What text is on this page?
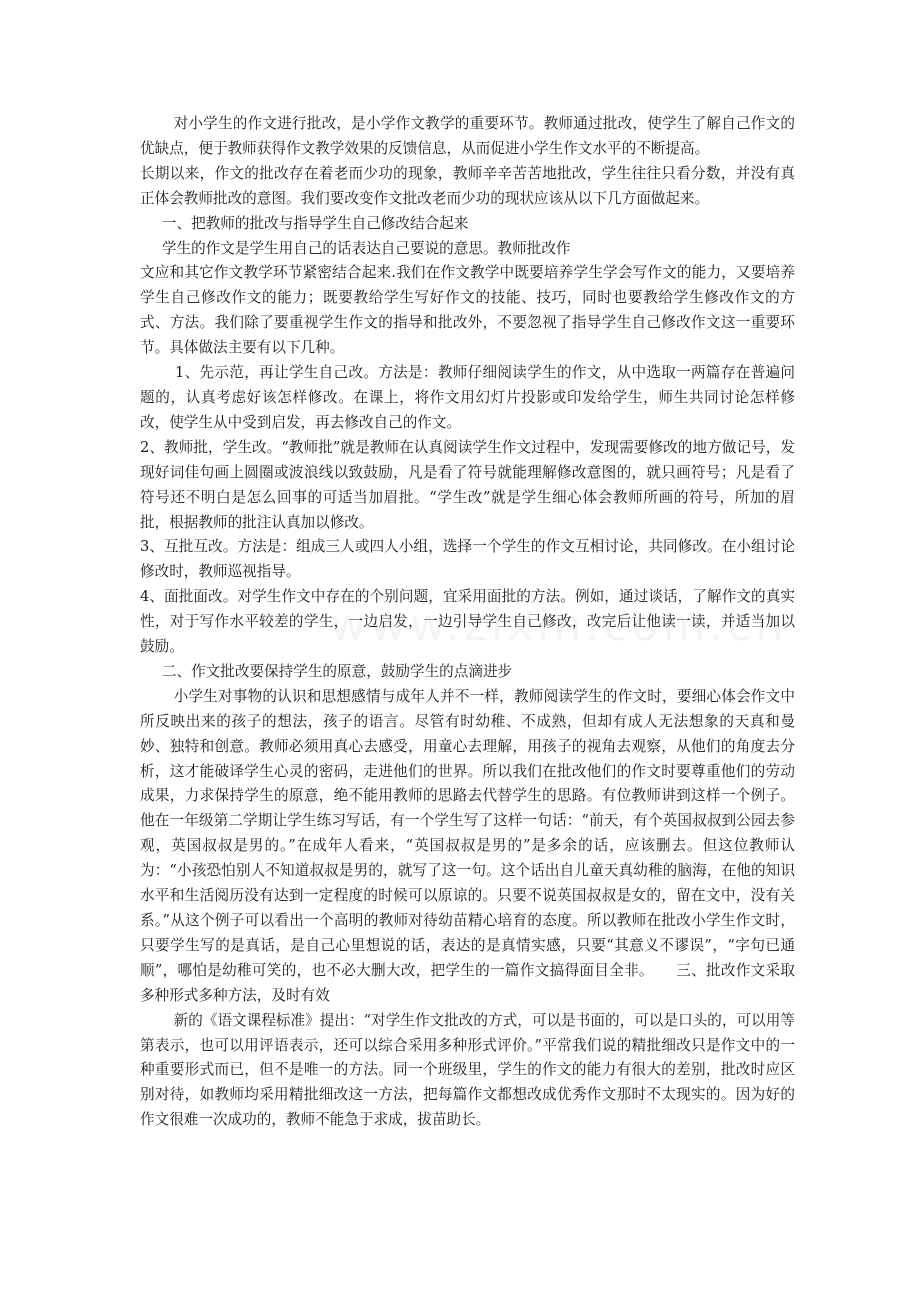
对小学生的作文进行批改，是小学作文教学的重要环节。教师通过批改，使学生了解自己作文的优缺点，便于教师获得作文教学效果的反馈信息，从而促进小学生作文水平的不断提高。

长期以来，作文的批改存在着老而少功的现象，教师辛辛苦苦地批改，学生往往只看分数，并没有真正体会教师批改的意图。我们要改变作文批改老而少功的现状应该从以下几方面做起来。

一、把教师的批改与指导学生自己修改结合起来

学生的作文是学生用自己的话表达自己要说的意思。教师批改作

文应和其它作文教学环节紧密结合起来.我们在作文教学中既要培养学生学会写作文的能力，又要培养学生自己修改作文的能力；既要教给学生写好作文的技能、技巧，同时也要教给学生修改作文的方式、方法。我们除了要重视学生作文的指导和批改外，不要忽视了指导学生自己修改作文这一重要环节。具体做法主要有以下几种。

1、先示范，再让学生自己改。方法是：教师仔细阅读学生的作文，从中选取一两篇存在普遍问题的，认真考虑好该怎样修改。在课上，将作文用幻灯片投影或印发给学生，师生共同讨论怎样修改，使学生从中受到启发，再去修改自己的作文。

2、教师批，学生改。“教师批”就是教师在认真阅读学生作文过程中，发现需要修改的地方做记号，发现好词佳句画上圆圈或波浪线以致鼓励，凡是看了符号就能理解修改意图的，就只画符号；凡是看了符号还不明白是怎么回事的可适当加眉批。“学生改”就是学生细心体会教师所画的符号，所加的眉批，根据教师的批注认真加以修改。

3、互批互改。方法是：组成三人或四人小组，选择一个学生的作文互相讨论，共同修改。在小组讨论修改时，教师巡视指导。

4、面批面改。对学生作文中存在的个别问题，宜采用面批的方法。例如，通过谈话，了解作文的真实性，对于写作水平较差的学生，一边启发，一边引导学生自己修改，改完后让他读一读，并适当加以鼓励。

二、作文批改要保持学生的原意，鼓励学生的点滴进步

小学生对事物的认识和思想感情与成年人并不一样，教师阅读学生的作文时，要细心体会作文中所反映出来的孩子的想法，孩子的语言。尽管有时幼稚、不成熟，但却有成人无法想象的天真和曼妙、独特和创意。教师必须用真心去感受，用童心去理解，用孩子的视角去观察，从他们的角度去分析，这才能破译学生心灵的密码，走进他们的世界。所以我们在批改他们的作文时要尊重他们的劳动成果，力求保持学生的原意，绝不能用教师的思路去代替学生的思路。有位教师讲到这样一个例子。他在一年级第二学期让学生练习写话，有一个学生写了这样一句话：“前天，有个英国叔叔到公园去参观，英国叔叔是男的。”在成年人看来，“英国叔叔是男的”是多余的话，应该删去。但这位教师认为：“小孩恐怕别人不知道叔叔是男的，就写了这一句。这个话出自儿童天真幼稚的脑海，在他的知识水平和生活阅历没有达到一定程度的时候可以原谅的。只要不说英国叔叔是女的，留在文中，没有关系。”从这个例子可以看出一个高明的教师对待幼苗精心培育的态度。所以教师在批改小学生作文时，只要学生写的是真话，是自己心里想说的话，表达的是真情实感，只要“其意义不谬误”，“字句已通顺”，哪怕是幼稚可笑的，也不必大删大改，把学生的一篇作文搞得面目全非。　　三、批改作文采取多种形式多种方法，及时有效

新的《语文课程标准》提出：“对学生作文批改的方式，可以是书面的，可以是口头的，可以用等第表示，也可以用评语表示，还可以综合采用多种形式评价。”平常我们说的精批细改只是作文中的一种重要形式而已，但不是唯一的方法。同一个班级里，学生的作文的能力有很大的差别，批改时应区别对待，如教师均采用精批细改这一方法，把每篇作文都想改成优秀作文那时不太现实的。因为好的作文很难一次成功的，教师不能急于求成，拔苗助长。
